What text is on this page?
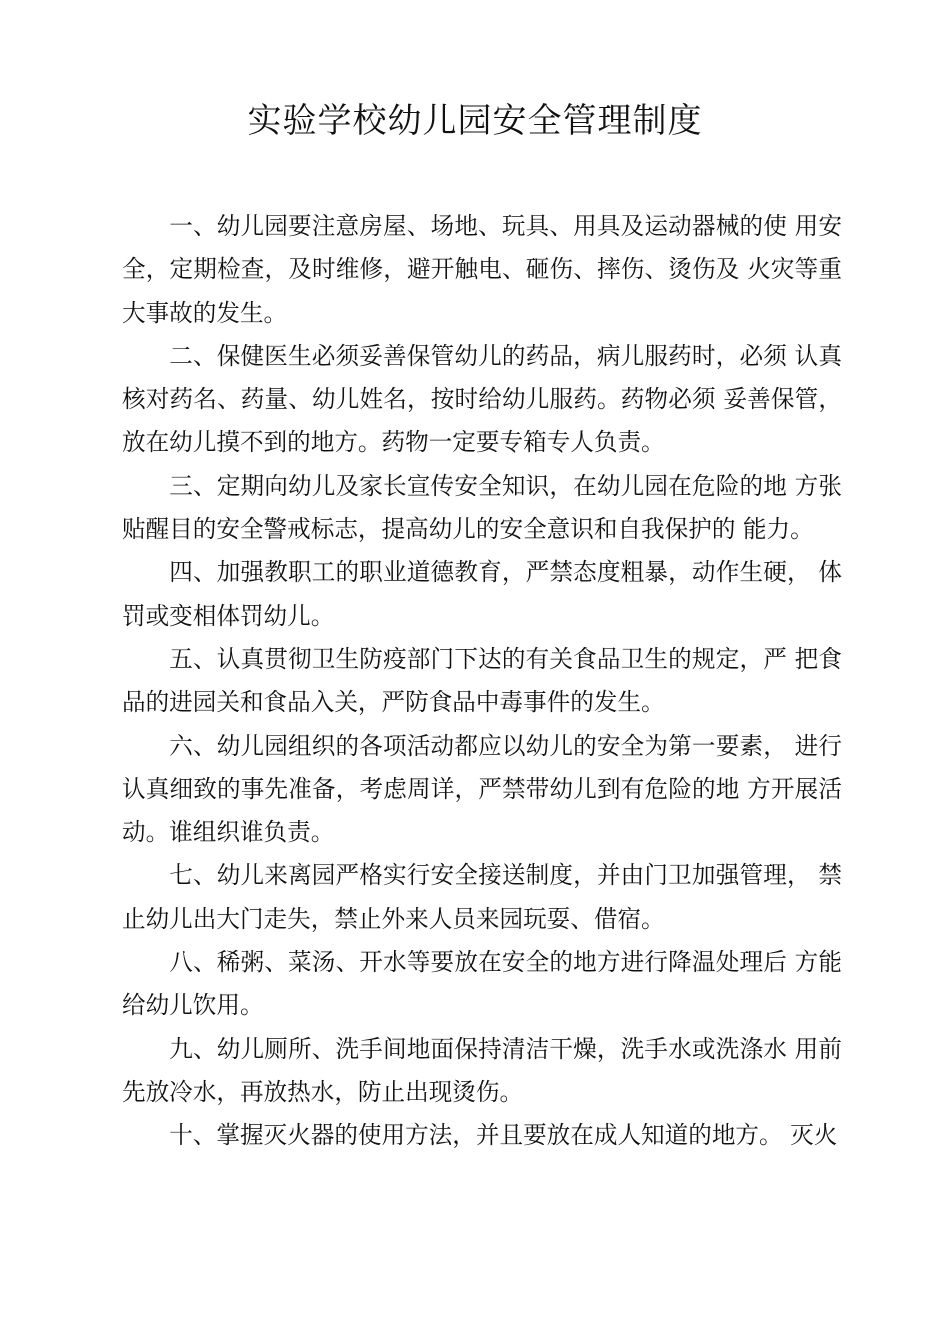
实验学校幼儿园安全管理制度

一、幼儿园要注意房屋、场地、玩具、用具及运动器械的使 用安全，定期检查，及时维修，避开触电、砸伤、摔伤、烫伤及 火灾等重大事故的发生。

二、保健医生必须妥善保管幼儿的药品，病儿服药时，必须 认真核对药名、药量、幼儿姓名，按时给幼儿服药。药物必须 妥善保管，放在幼儿摸不到的地方。药物一定要专箱专人负责。

三、定期向幼儿及家长宣传安全知识，在幼儿园在危险的地 方张贴醒目的安全警戒标志，提高幼儿的安全意识和自我保护的 能力。

四、加强教职工的职业道德教育，严禁态度粗暴，动作生硬， 体罚或变相体罚幼儿。

五、认真贯彻卫生防疫部门下达的有关食品卫生的规定，严 把食品的进园关和食品入关，严防食品中毒事件的发生。

六、幼儿园组织的各项活动都应以幼儿的安全为第一要素， 进行认真细致的事先准备，考虑周详，严禁带幼儿到有危险的地 方开展活动。谁组织谁负责。

七、幼儿来离园严格实行安全接送制度，并由门卫加强管理， 禁止幼儿出大门走失，禁止外来人员来园玩耍、借宿。

八、稀粥、菜汤、开水等要放在安全的地方进行降温处理后 方能给幼儿饮用。

九、幼儿厕所、洗手间地面保持清洁干燥，洗手水或洗涤水 用前先放冷水，再放热水，防止出现烫伤。

十、掌握灭火器的使用方法，并且要放在成人知道的地方。 灭火
